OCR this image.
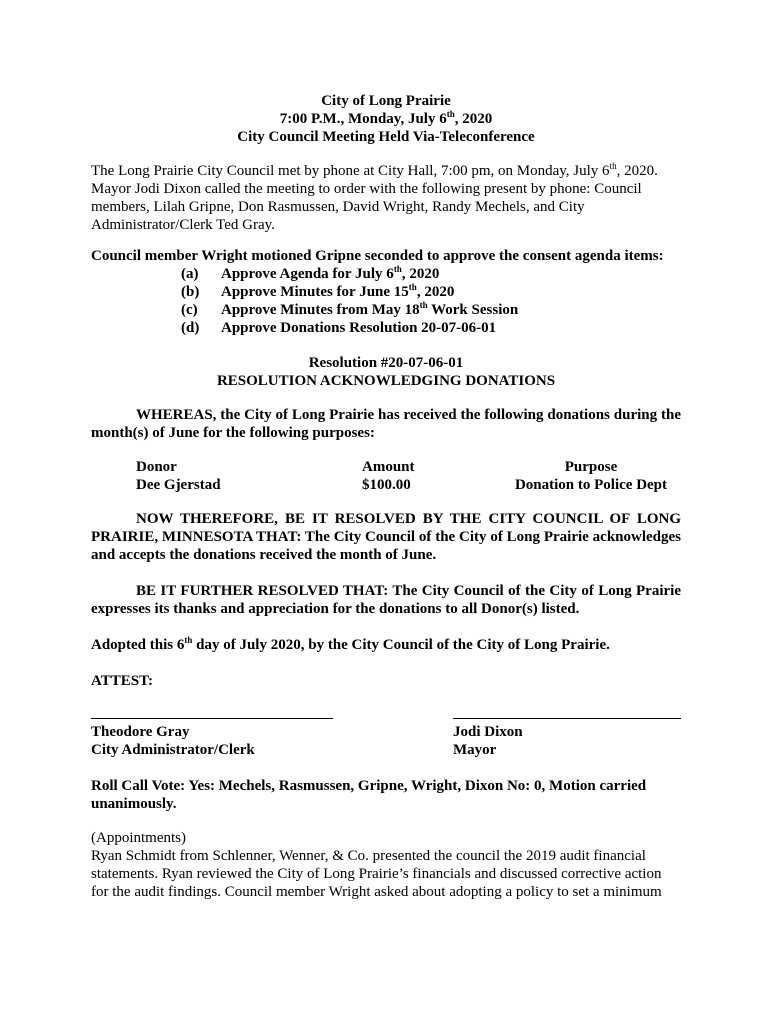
City of Long Prairie
7:00 P.M., Monday, July 6th, 2020
City Council Meeting Held Via-Teleconference

The Long Prairie City Council met by phone at City Hall, 7:00 pm, on Monday, July 6th, 2020. Mayor Jodi Dixon called the meeting to order with the following present by phone: Council members, Lilah Gripne, Don Rasmussen, David Wright, Randy Mechels, and City Administrator/Clerk Ted Gray.

Council member Wright motioned Gripne seconded to approve the consent agenda items:
(a)	Approve Agenda for July 6th, 2020
(b)	Approve Minutes for June 15th, 2020
(c)	Approve Minutes from May 18th Work Session
(d)	Approve Donations Resolution 20-07-06-01
Resolution #20-07-06-01
RESOLUTION ACKNOWLEDGING DONATIONS
WHEREAS, the City of Long Prairie has received the following donations during the month(s) of June for the following purposes:
Donor	Amount	Purpose
Dee Gjerstad	$100.00	Donation to Police Dept
NOW THEREFORE, BE IT RESOLVED BY THE CITY COUNCIL OF LONG PRAIRIE, MINNESOTA THAT: The City Council of the City of Long Prairie acknowledges and accepts the donations received the month of June.
BE IT FURTHER RESOLVED THAT: The City Council of the City of Long Prairie expresses its thanks and appreciation for the donations to all Donor(s) listed.
Adopted this 6th day of July 2020, by the City Council of the City of Long Prairie.
ATTEST:
Theodore Gray
City Administrator/Clerk
Jodi Dixon
Mayor
Roll Call Vote: Yes: Mechels, Rasmussen, Gripne, Wright, Dixon No: 0, Motion carried unanimously.
(Appointments)
Ryan Schmidt from Schlenner, Wenner, & Co. presented the council the 2019 audit financial statements. Ryan reviewed the City of Long Prairie’s financials and discussed corrective action for the audit findings. Council member Wright asked about adopting a policy to set a minimum
